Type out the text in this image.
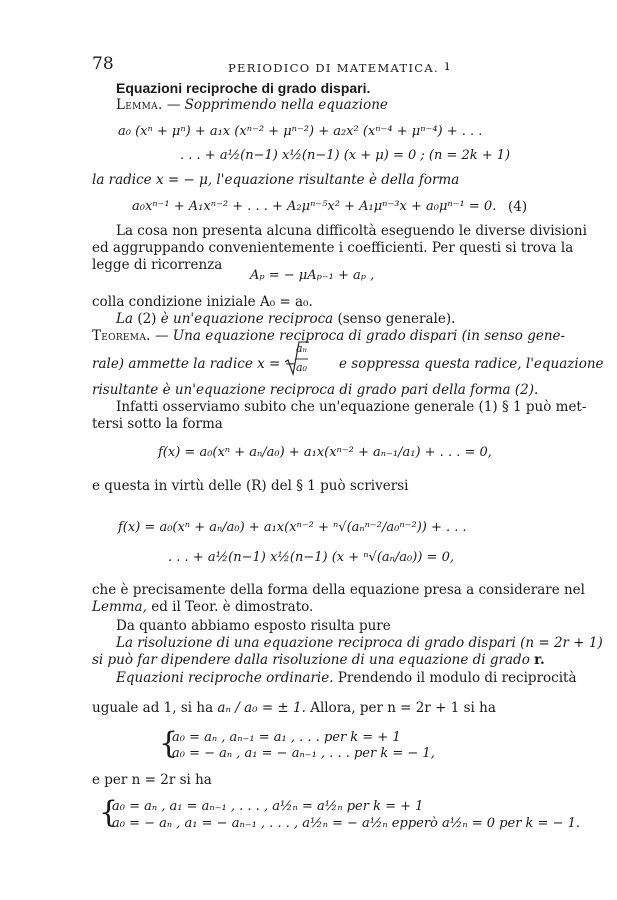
78	PERIODICO DI MATEMATICA. ı
Equazioni reciproche di grado dispari.
Lemma. — Sopprimendo nella equazione
a₀ (xⁿ + μⁿ) + a₁x (xⁿ⁻² + μⁿ⁻²) + a₂x² (xⁿ⁻⁴ + μⁿ⁻⁴) + . . .
. . . + a½(n−1) x½(n−1) (x + μ) = 0 ; (n = 2k + 1)
la radice x = − μ, l'equazione risultante è della forma
a₀xⁿ⁻¹ + A₁xⁿ⁻² + . . . + A₂μⁿ⁻⁵x² + A₁μⁿ⁻³x + a₀μⁿ⁻¹ = 0. (4)
La cosa non presenta alcuna difficoltà eseguendo le diverse divisioni
ed aggruppando convenientemente i coefficienti. Per questi si trova la
legge di ricorrenza
Aₚ = − μAₚ₋₁ + aₚ ,
colla condizione iniziale A₀ = a₀.
La (2) è un'equazione reciproca (senso generale).
Teorema. — Una equazione reciproca di grado dispari (in senso gene-
rale) ammette la radice x = −
aₙ
a₀ e soppressa questa radice, l'equazione
risultante è un'equazione reciproca di grado pari della forma (2).
Infatti osserviamo subito che un'equazione generale (1) § 1 può met-
tersi sotto la forma
f(x) = a₀(xⁿ + aₙ/a₀) + a₁x(xⁿ⁻² + aₙ₋₁/a₁) + . . . = 0,
e questa in virtù delle (R) del § 1 può scriversi
f(x) = a₀(xⁿ + aₙ/a₀) + a₁x(xⁿ⁻² + ⁿ√(aₙⁿ⁻²/a₀ⁿ⁻²)) + . . .
. . . + a½(n−1) x½(n−1) (x + ⁿ√(aₙ/a₀)) = 0,
che è precisamente della forma della equazione presa a considerare nel
Lemma, ed il Teor. è dimostrato.
Da quanto abbiamo esposto risulta pure
La risoluzione di una equazione reciproca di grado dispari (n = 2r + 1)
si può far dipendere dalla risoluzione di una equazione di grado r.
Equazioni reciproche ordinarie. Prendendo il modulo di reciprocità
uguale ad 1, si ha aₙ / a₀ = ± 1. Allora, per n = 2r + 1 si ha
{
a₀ = aₙ , aₙ₋₁ = a₁ , . . . per k = + 1
a₀ = − aₙ , a₁ = − aₙ₋₁ , . . . per k = − 1,
e per n = 2r si ha
{
a₀ = aₙ , a₁ = aₙ₋₁ , . . . , a½ₙ = a½ₙ per k = + 1
a₀ = − aₙ , a₁ = − aₙ₋₁ , . . . , a½ₙ = − a½ₙ epperò a½ₙ = 0 per k = − 1.
